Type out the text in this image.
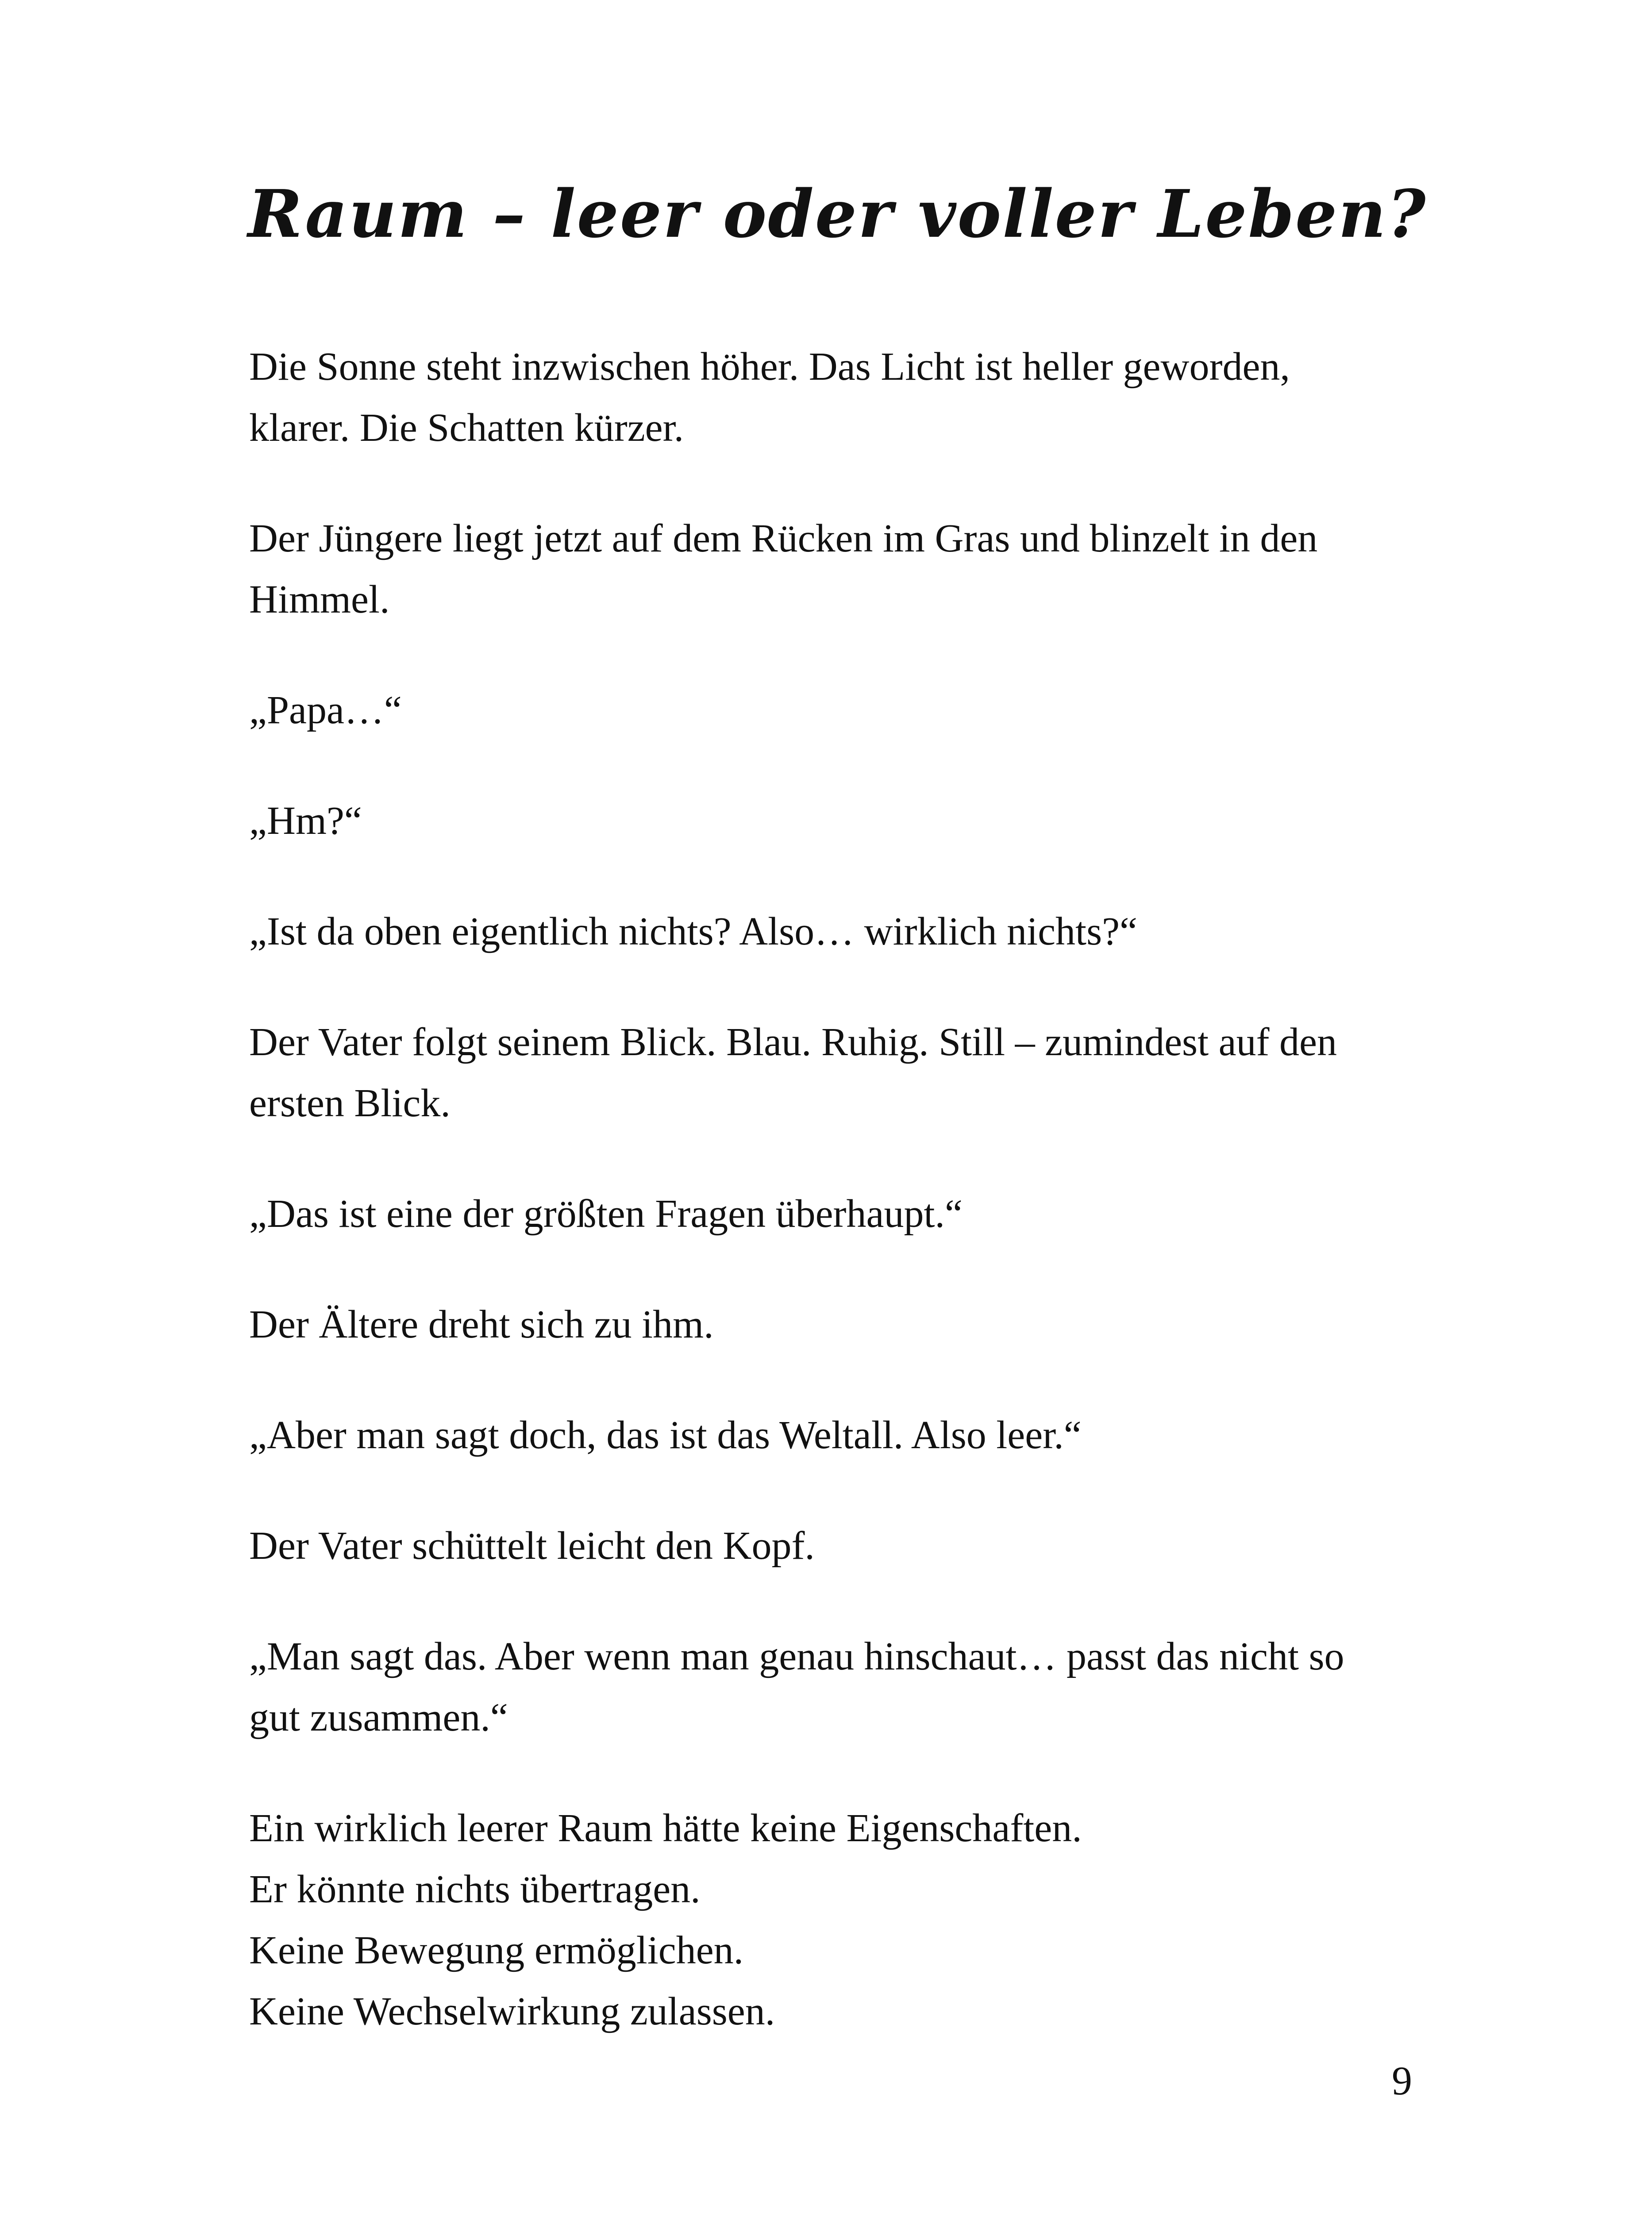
Raum – leer oder voller Leben?

Die Sonne steht inzwischen höher. Das Licht ist heller geworden,
klarer. Die Schatten kürzer.

Der Jüngere liegt jetzt auf dem Rücken im Gras und blinzelt in den
Himmel.

„Papa…“

„Hm?“

„Ist da oben eigentlich nichts? Also… wirklich nichts?“

Der Vater folgt seinem Blick. Blau. Ruhig. Still – zumindest auf den
ersten Blick.

„Das ist eine der größten Fragen überhaupt.“

Der Ältere dreht sich zu ihm.

„Aber man sagt doch, das ist das Weltall. Also leer.“

Der Vater schüttelt leicht den Kopf.

„Man sagt das. Aber wenn man genau hinschaut… passt das nicht so
gut zusammen.“

Ein wirklich leerer Raum hätte keine Eigenschaften.
Er könnte nichts übertragen.
Keine Bewegung ermöglichen.
Keine Wechselwirkung zulassen.

9
